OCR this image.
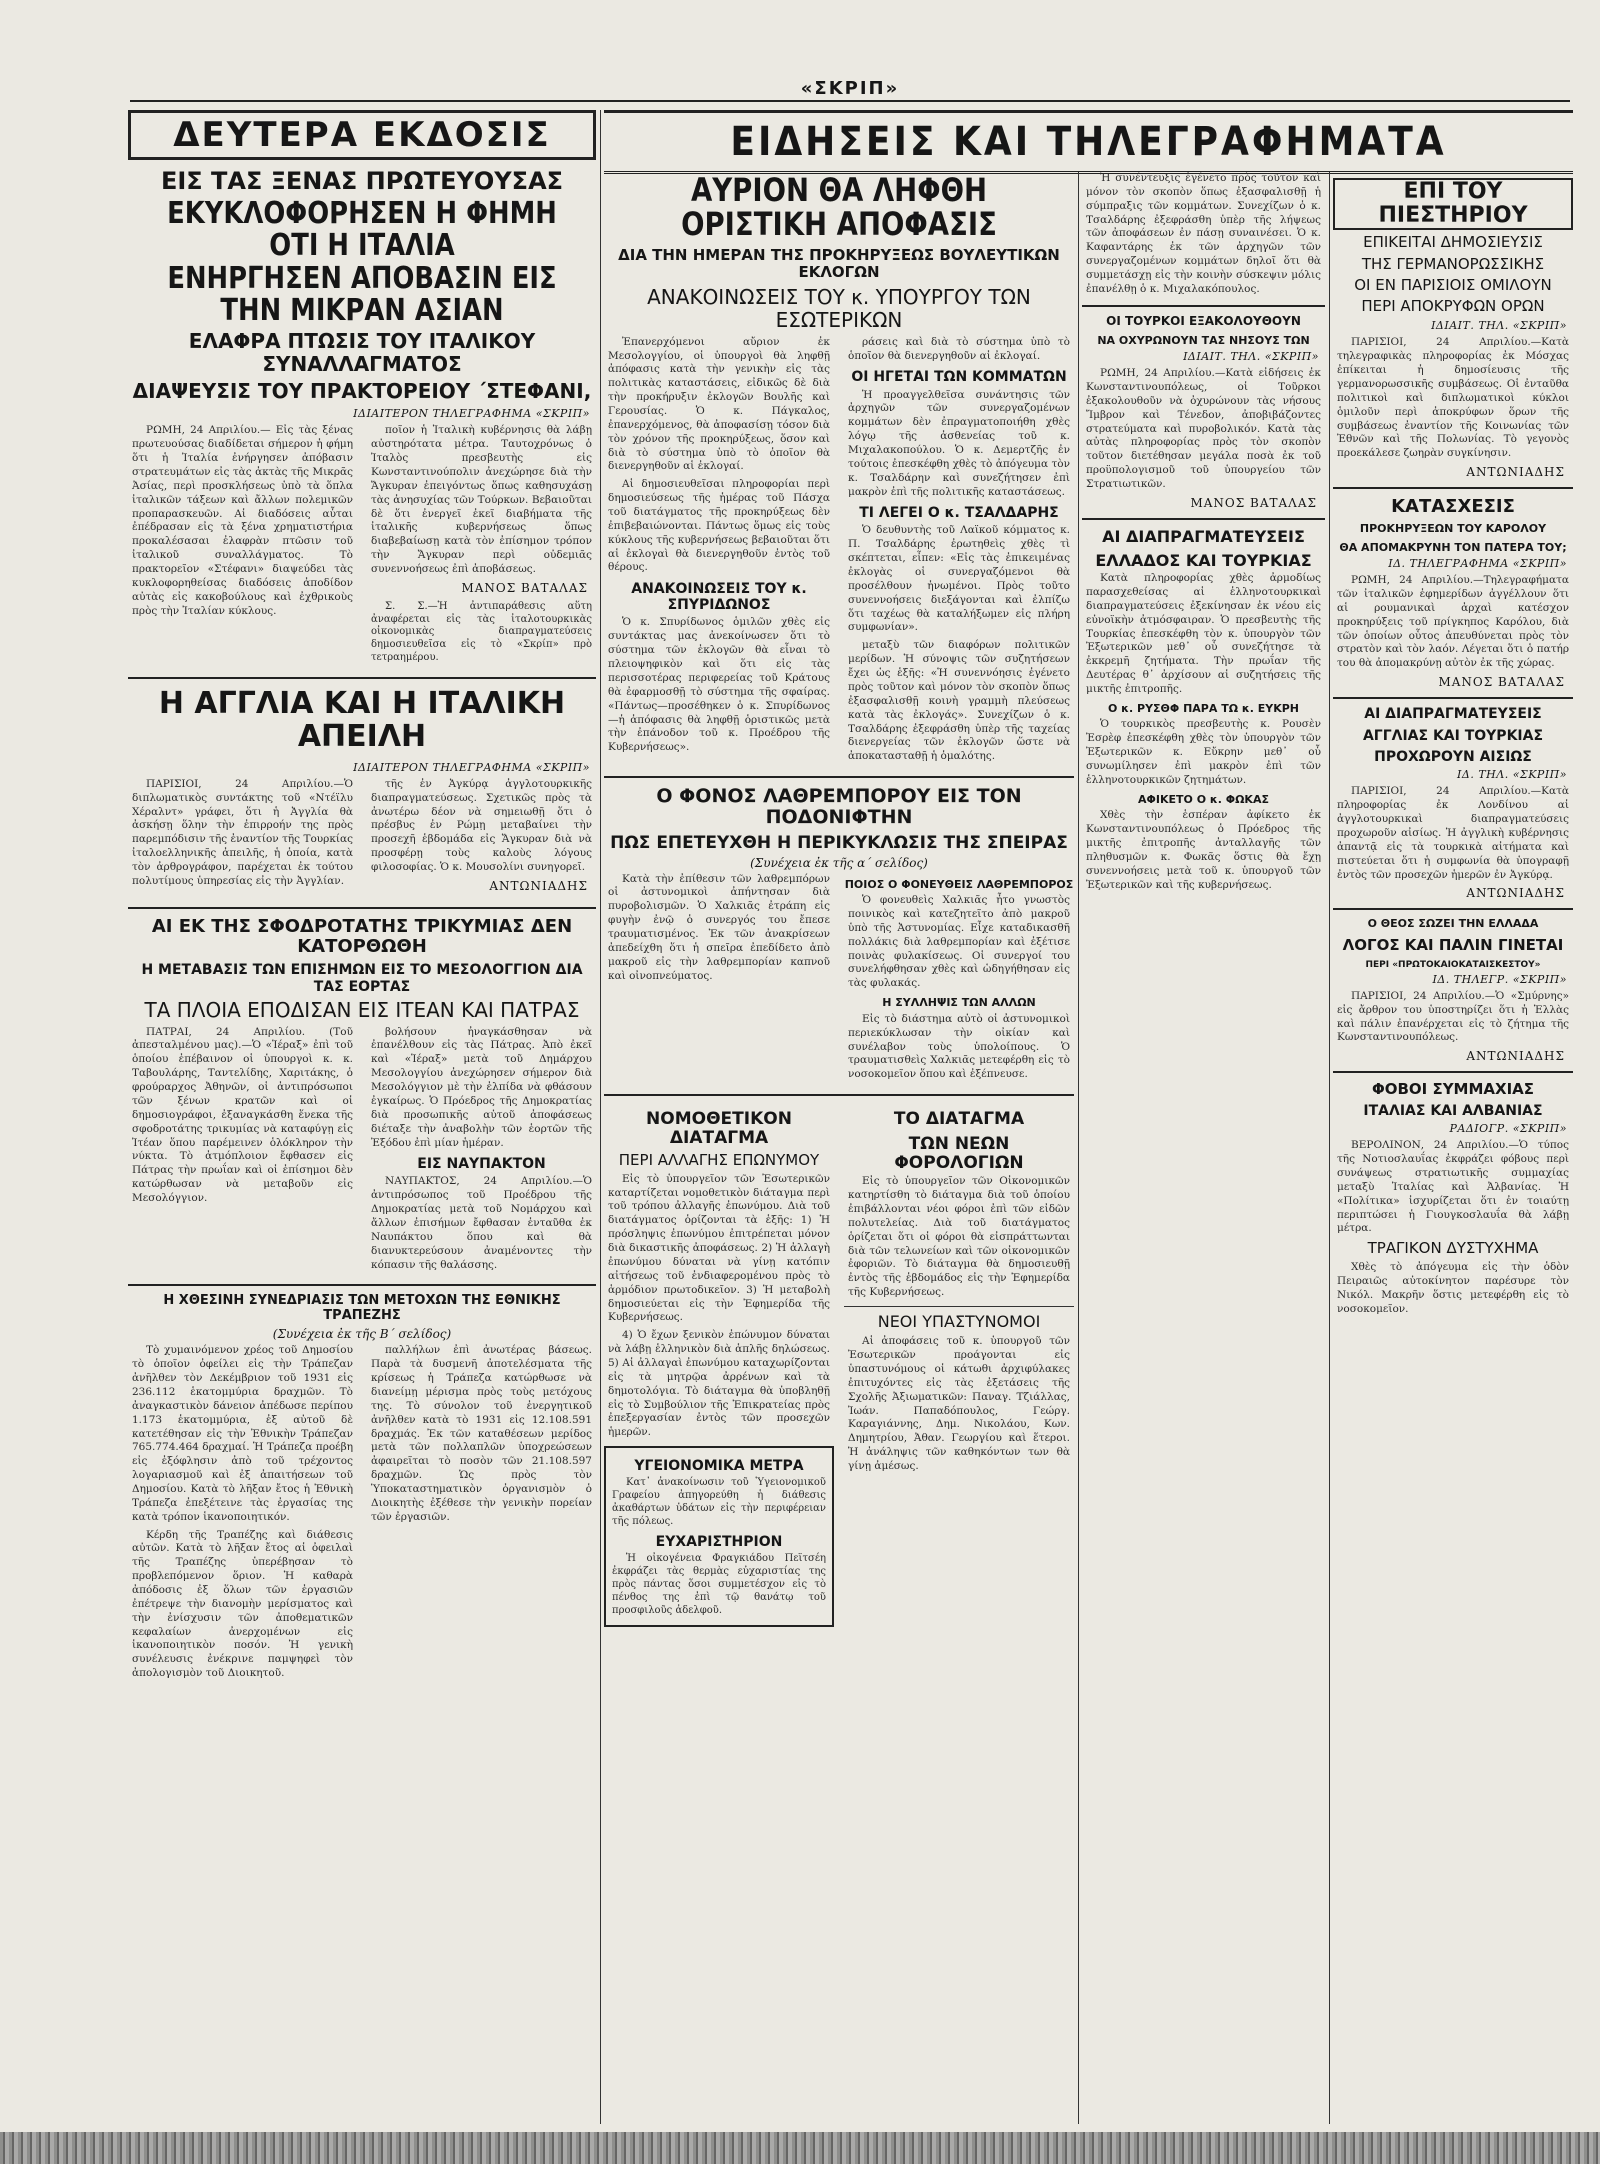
«ΣΚΡΙΠ»
ΕΙΔΗΣΕΙΣ ΚΑΙ ΤΗΛΕΓΡΑΦΗΜΑΤΑ
ΔΕΥΤΕΡΑ ΕΚΔΟΣΙΣ
ΕΙΣ ΤΑΣ ΞΕΝΑΣ ΠΡΩΤΕΥΟΥΣΑΣ
ΕΚΥΚΛΟΦΟΡΗΣΕΝ Η ΦΗΜΗ ΟΤΙ Η ΙΤΑΛΙΑ
ΕΝΗΡΓΗΣΕΝ ΑΠΟΒΑΣΙΝ ΕΙΣ ΤΗΝ ΜΙΚΡΑΝ ΑΣΙΑΝ
ΕΛΑΦΡΑ ΠΤΩΣΙΣ ΤΟΥ ΙΤΑΛΙΚΟΥ ΣΥΝΑΛΛΑΓΜΑΤΟΣ
ΔΙΑΨΕΥΣΙΣ ΤΟΥ ΠΡΑΚΤΟΡΕΙΟΥ ΄ΣΤΕΦΑΝΙ,
ΙΔΙΑΙΤΕΡΟΝ ΤΗΛΕΓΡΑΦΗΜΑ «ΣΚΡΙΠ»

ΡΩΜΗ, 24 Απριλίου.— Εἰς τὰς ξένας πρωτευούσας διαδίδεται σήμερον ἡ φήμη ὅτι ἡ Ἰταλία ἐνήργησεν ἀπόβασιν στρατευμάτων εἰς τὰς ἀκτὰς τῆς Μικρᾶς Ἀσίας, περὶ προσκλήσεως ὑπὸ τὰ ὅπλα ἰταλικῶν τάξεων καὶ ἄλλων πολεμικῶν προπαρασκευῶν. Αἱ διαδόσεις αὗται ἐπέδρασαν εἰς τὰ ξένα χρηματιστήρια προκαλέσασαι ἐλαφρὰν πτῶσιν τοῦ ἰταλικοῦ συναλλάγματος. Τὸ πρακτορεῖον «Στέφανι» διαψεύδει τὰς κυκλοφορηθείσας διαδόσεις ἀποδίδον αὐτὰς εἰς κακοβούλους καὶ ἐχθρικοὺς πρὸς τὴν Ἰταλίαν κύκλους.

ποῖον ἡ Ἰταλικὴ κυβέρνησις θὰ λάβῃ αὐστηρότατα μέτρα. Ταυτοχρόνως ὁ Ἰταλὸς πρεσβευτὴς εἰς Κωνσταντινούπολιν ἀνεχώρησε διὰ τὴν Ἄγκυραν ἐπειγόντως ὅπως καθησυχάσῃ τὰς ἀνησυχίας τῶν Τούρκων. Βεβαιοῦται δὲ ὅτι ἐνεργεῖ ἐκεῖ διαβήματα τῆς ἰταλικῆς κυβερνήσεως ὅπως διαβεβαίωσῃ κατὰ τὸν ἐπίσημον τρόπον τὴν Ἄγκυραν περὶ οὐδεμιᾶς συνεννοήσεως ἐπὶ ἀποβάσεως.

ΜΑΝΟΣ ΒΑΤΑΛΑΣ

Σ. Σ.—Ἡ ἀντιπαράθεσις αὕτη ἀναφέρεται εἰς τὰς ἰταλοτουρκικὰς οἰκονομικὰς διαπραγματεύσεις δημοσιευθεῖσα εἰς τὸ «Σκρίπ» πρὸ τετραημέρου.

Η ΑΓΓΛΙΑ ΚΑΙ Η ΙΤΑΛΙΚΗ ΑΠΕΙΛΗ
ΙΔΙΑΙΤΕΡΟΝ ΤΗΛΕΓΡΑΦΗΜΑ «ΣΚΡΙΠ»

ΠΑΡΙΣΙΟΙ, 24 Απριλίου.—Ὁ διπλωματικὸς συντάκτης τοῦ «Ντέϊλυ Χέραλντ» γράφει, ὅτι ἡ Ἀγγλία θὰ ἀσκήσῃ ὅλην τὴν ἐπιρροήν της πρὸς παρεμπόδισιν τῆς ἐναντίον τῆς Τουρκίας ἰταλοελληνικῆς ἀπειλῆς, ἡ ὁποία, κατὰ τὸν ἀρθρογράφον, παρέχεται ἐκ τούτου πολυτίμους ὑπηρεσίας εἰς τὴν Ἀγγλίαν.

τῆς ἐν Ἀγκύρᾳ ἀγγλοτουρκικῆς διαπραγματεύσεως. Σχετικῶς πρὸς τὰ ἀνωτέρω δέον νὰ σημειωθῇ ὅτι ὁ πρέσβυς ἐν Ρώμῃ μεταβαίνει τὴν προσεχῆ ἑβδομάδα εἰς Ἄγκυραν διὰ νὰ προσφέρῃ τοὺς καλοὺς λόγους φιλοσοφίας. Ὁ κ. Μουσολίνι συνηγορεῖ.

ΑΝΤΩΝΙΑΔΗΣ
ΑΙ ΕΚ ΤΗΣ ΣΦΟΔΡΟΤΑΤΗΣ ΤΡΙΚΥΜΙΑΣ ΔΕΝ ΚΑΤΟΡΘΩΘΗ
Η ΜΕΤΑΒΑΣΙΣ ΤΩΝ ΕΠΙΣΗΜΩΝ ΕΙΣ ΤΟ ΜΕΣΟΛΟΓΓΙΟΝ ΔΙΑ ΤΑΣ ΕΟΡΤΑΣ
ΤΑ ΠΛΟΙΑ ΕΠΟΔΙΣΑΝ ΕΙΣ ΙΤΕΑΝ ΚΑΙ ΠΑΤΡΑΣ

ΠΑΤΡΑΙ, 24 Απριλίου. (Τοῦ ἀπεσταλμένου μας).—Ὁ «Ἱέραξ» ἐπὶ τοῦ ὁποίου ἐπέβαινον οἱ ὑπουργοὶ κ. κ. Ταβουλάρης, Ταντελίδης, Χαριτάκης, ὁ φρούραρχος Ἀθηνῶν, οἱ ἀντιπρόσωποι τῶν ξένων κρατῶν καὶ οἱ δημοσιογράφοι, ἐξαναγκάσθη ἕνεκα τῆς σφοδροτάτης τρικυμίας νὰ καταφύγῃ εἰς Ἰτέαν ὅπου παρέμεινεν ὁλόκληρον τὴν νύκτα. Τὸ ἀτμόπλοιον ἔφθασεν εἰς Πάτρας τὴν πρωΐαν καὶ οἱ ἐπίσημοι δὲν κατώρθωσαν νὰ μεταβοῦν εἰς Μεσολόγγιον.

βολήσουν ἠναγκάσθησαν νὰ ἐπανέλθουν εἰς τὰς Πάτρας. Ἀπὸ ἐκεῖ καὶ «Ἱέραξ» μετὰ τοῦ Δημάρχου Μεσολογγίου ἀνεχώρησεν σήμερον διὰ Μεσολόγγιον μὲ τὴν ἐλπίδα νὰ φθάσουν ἐγκαίρως. Ὁ Πρόεδρος τῆς Δημοκρατίας διὰ προσωπικῆς αὐτοῦ ἀποφάσεως διέταξε τὴν ἀναβολὴν τῶν ἑορτῶν τῆς Ἐξόδου ἐπὶ μίαν ἡμέραν.

ΕΙΣ ΝΑΥΠΑΚΤΟΝ

ΝΑΥΠΑΚΤΟΣ, 24 Απριλίου.—Ὁ ἀντιπρόσωπος τοῦ Προέδρου τῆς Δημοκρατίας μετὰ τοῦ Νομάρχου καὶ ἄλλων ἐπισήμων ἔφθασαν ἐνταῦθα ἐκ Ναυπάκτου ὅπου καὶ θὰ διανυκτερεύσουν ἀναμένοντες τὴν κόπασιν τῆς θαλάσσης.

Η ΧΘΕΣΙΝΗ ΣΥΝΕΔΡΙΑΣΙΣ ΤΩΝ ΜΕΤΟΧΩΝ ΤΗΣ ΕΘΝΙΚΗΣ ΤΡΑΠΕΖΗΣ
(Συνέχεια ἐκ τῆς Β΄ σελίδος)

Τὸ χυμαινόμενον χρέος τοῦ Δημοσίου τὸ ὁποῖον ὀφείλει εἰς τὴν Τράπεζαν ἀνῆλθεν τὸν Δεκέμβριον τοῦ 1931 εἰς 236.112 ἑκατομμύρια δραχμῶν. Τὸ ἀναγκαστικὸν δάνειον ἀπέδωσε περίπου 1.173 ἑκατομμύρια, ἐξ αὐτοῦ δὲ κατετέθησαν εἰς τὴν Ἐθνικὴν Τράπεζαν 765.774.464 δραχμαί. Ἡ Τράπεζα προέβη εἰς ἐξόφλησιν ἀπὸ τοῦ τρέχοντος λογαριασμοῦ καὶ ἐξ ἀπαιτήσεων τοῦ Δημοσίου. Κατὰ τὸ λῆξαν ἔτος ἡ Ἐθνικὴ Τράπεζα ἐπεξέτεινε τὰς ἐργασίας της κατὰ τρόπον ἱκανοποιητικόν.

Κέρδη τῆς Τραπέζης καὶ διάθεσις αὐτῶν. Κατὰ τὸ λῆξαν ἔτος αἱ ὀφειλαὶ τῆς Τραπέζης ὑπερέβησαν τὸ προβλεπόμενον ὅριον. Ἡ καθαρὰ ἀπόδοσις ἐξ ὅλων τῶν ἐργασιῶν ἐπέτρεψε τὴν διανομὴν μερίσματος καὶ τὴν ἐνίσχυσιν τῶν ἀποθεματικῶν κεφαλαίων ἀνερχομένων εἰς ἱκανοποιητικὸν ποσόν. Ἡ γενικὴ συνέλευσις ἐνέκρινε παμψηφεὶ τὸν ἀπολογισμὸν τοῦ Διοικητοῦ.

παλλήλων ἐπὶ ἀνωτέρας βάσεως. Παρὰ τὰ δυσμενῆ ἀποτελέσματα τῆς κρίσεως ἡ Τράπεζα κατώρθωσε νὰ διανείμῃ μέρισμα πρὸς τοὺς μετόχους της. Τὸ σύνολον τοῦ ἐνεργητικοῦ ἀνῆλθεν κατὰ τὸ 1931 εἰς 12.108.591 δραχμάς. Ἐκ τῶν καταθέσεων μερίδος μετὰ τῶν πολλαπλῶν ὑποχρεώσεων ἀφαιρεῖται τὸ ποσὸν τῶν 21.108.597 δραχμῶν. Ὡς πρὸς τὸν Ὑποκαταστηματικὸν ὀργανισμὸν ὁ Διοικητὴς ἐξέθεσε τὴν γενικὴν πορείαν τῶν ἐργασιῶν.

ΑΥΡΙΟΝ ΘΑ ΛΗΦΘΗ ΟΡΙΣΤΙΚΗ ΑΠΟΦΑΣΙΣ
ΔΙΑ ΤΗΝ ΗΜΕΡΑΝ ΤΗΣ ΠΡΟΚΗΡΥΞΕΩΣ ΒΟΥΛΕΥΤΙΚΩΝ ΕΚΛΟΓΩΝ
ΑΝΑΚΟΙΝΩΣΕΙΣ ΤΟΥ κ. ΥΠΟΥΡΓΟΥ ΤΩΝ ΕΣΩΤΕΡΙΚΩΝ

Ἐπανερχόμενοι αὔριον ἐκ Μεσολογγίου, οἱ ὑπουργοὶ θὰ ληφθῇ ἀπόφασις κατὰ τὴν γενικὴν εἰς τὰς πολιτικὰς καταστάσεις, εἰδικῶς δὲ διὰ τὴν προκήρυξιν ἐκλογῶν Βουλῆς καὶ Γερουσίας. Ὁ κ. Πάγκαλος, ἐπανερχόμενος, θὰ ἀποφασίσῃ τόσον διὰ τὸν χρόνον τῆς προκηρύξεως, ὅσον καὶ διὰ τὸ σύστημα ὑπὸ τὸ ὁποῖον θὰ διενεργηθοῦν αἱ ἐκλογαί.

Αἱ δημοσιευθεῖσαι πληροφορίαι περὶ δημοσιεύσεως τῆς ἡμέρας τοῦ Πάσχα τοῦ διατάγματος τῆς προκηρύξεως δὲν ἐπιβεβαιώνονται. Πάντως ὅμως εἰς τοὺς κύκλους τῆς κυβερνήσεως βεβαιοῦται ὅτι αἱ ἐκλογαὶ θὰ διενεργηθοῦν ἐντὸς τοῦ θέρους.

ΑΝΑΚΟΙΝΩΣΕΙΣ ΤΟΥ κ. ΣΠΥΡΙΔΩΝΟΣ

Ὁ κ. Σπυρίδωνος ὁμιλῶν χθὲς εἰς συντάκτας μας ἀνεκοίνωσεν ὅτι τὸ σύστημα τῶν ἐκλογῶν θὰ εἶναι τὸ πλειοψηφικὸν καὶ ὅτι εἰς τὰς περισσοτέρας περιφερείας τοῦ Κράτους θὰ ἐφαρμοσθῇ τὸ σύστημα τῆς σφαίρας. «Πάντως—προσέθηκεν ὁ κ. Σπυρίδωνος—ἡ ἀπόφασις θὰ ληφθῇ ὁριστικῶς μετὰ τὴν ἐπάνοδον τοῦ κ. Προέδρου τῆς Κυβερνήσεως».

ράσεις καὶ διὰ τὸ σύστημα ὑπὸ τὸ ὁποῖον θὰ διενεργηθοῦν αἱ ἐκλογαί.

ΟΙ ΗΓΕΤΑΙ ΤΩΝ ΚΟΜΜΑΤΩΝ

Ἡ προαγγελθεῖσα συνάντησις τῶν ἀρχηγῶν τῶν συνεργαζομένων κομμάτων δὲν ἐπραγματοποιήθη χθὲς λόγῳ τῆς ἀσθενείας τοῦ κ. Μιχαλακοπούλου. Ὁ κ. Δεμερτζῆς ἐν τούτοις ἐπεσκέφθη χθὲς τὸ ἀπόγευμα τὸν κ. Τσαλδάρην καὶ συνεζήτησεν ἐπὶ μακρὸν ἐπὶ τῆς πολιτικῆς καταστάσεως.

ΤΙ ΛΕΓΕΙ Ο κ. ΤΣΑΛΔΑΡΗΣ

Ὁ δευθυντὴς τοῦ Λαϊκοῦ κόμματος κ. Π. Τσαλδάρης ἐρωτηθεὶς χθὲς τὶ σκέπτεται, εἶπεν: «Εἰς τὰς ἐπικειμένας ἐκλογὰς οἱ συνεργαζόμενοι θὰ προσέλθουν ἡνωμένοι. Πρὸς τοῦτο συνεννοήσεις διεξάγονται καὶ ἐλπίζω ὅτι ταχέως θὰ καταλήξωμεν εἰς πλήρη συμφωνίαν».

μεταξὺ τῶν διαφόρων πολιτικῶν μερίδων. Ἡ σύνοψις τῶν συζητήσεων ἔχει ὡς ἑξῆς: «Ἡ συνεννόησις ἐγένετο πρὸς τοῦτον καὶ μόνον τὸν σκοπὸν ὅπως ἐξασφαλισθῇ κοινὴ γραμμὴ πλεύσεως κατὰ τὰς ἐκλογάς». Συνεχίζων ὁ κ. Τσαλδάρης ἐξεφράσθη ὑπὲρ τῆς ταχείας διενεργείας τῶν ἐκλογῶν ὥστε νὰ ἀποκατασταθῇ ἡ ὁμαλότης.

Ο ΦΟΝΟΣ ΛΑΘΡΕΜΠΟΡΟΥ ΕΙΣ ΤΟΝ ΠΟΔΟΝΙΦΤΗΝ
ΠΩΣ ΕΠΕΤΕΥΧΘΗ Η ΠΕΡΙΚΥΚΛΩΣΙΣ ΤΗΣ ΣΠΕΙΡΑΣ
(Συνέχεια ἐκ τῆς α΄ σελίδος)

Κατὰ τὴν ἐπίθεσιν τῶν λαθρεμπόρων οἱ ἀστυνομικοὶ ἀπήντησαν διὰ πυροβολισμῶν. Ὁ Χαλκιᾶς ἐτράπη εἰς φυγὴν ἐνῷ ὁ συνεργός του ἔπεσε τραυματισμένος. Ἐκ τῶν ἀνακρίσεων ἀπεδείχθη ὅτι ἡ σπεῖρα ἐπεδίδετο ἀπὸ μακροῦ εἰς τὴν λαθρεμπορίαν καπνοῦ καὶ οἰνοπνεύματος.

ΠΟΙΟΣ Ο ΦΟΝΕΥΘΕΙΣ ΛΑΘΡΕΜΠΟΡΟΣ

Ὁ φονευθεὶς Χαλκιᾶς ἦτο γνωστὸς ποινικὸς καὶ κατεζητεῖτο ἀπὸ μακροῦ ὑπὸ τῆς Ἀστυνομίας. Εἶχε καταδικασθῆ πολλάκις διὰ λαθρεμπορίαν καὶ ἐξέτισε ποινὰς φυλακίσεως. Οἱ συνεργοί του συνελήφθησαν χθὲς καὶ ὡδηγήθησαν εἰς τὰς φυλακάς.

Η ΣΥΛΛΗΨΙΣ ΤΩΝ ΑΛΛΩΝ

Εἰς τὸ διάστημα αὐτὸ οἱ ἀστυνομικοὶ περιεκύκλωσαν τὴν οἰκίαν καὶ συνέλαβον τοὺς ὑπολοίπους. Ὁ τραυματισθεὶς Χαλκιᾶς μετεφέρθη εἰς τὸ νοσοκομεῖον ὅπου καὶ ἐξέπνευσε.

ΝΟΜΟΘΕΤΙΚΟΝ ΔΙΑΤΑΓΜΑ
ΠΕΡΙ ΑΛΛΑΓΗΣ ΕΠΩΝΥΜΟΥ

Εἰς τὸ ὑπουργεῖον τῶν Ἐσωτερικῶν καταρτίζεται νομοθετικὸν διάταγμα περὶ τοῦ τρόπου ἀλλαγῆς ἐπωνύμου. Διὰ τοῦ διατάγματος ὁρίζονται τὰ ἑξῆς: 1) Ἡ πρόσληψις ἐπωνύμου ἐπιτρέπεται μόνον διὰ δικαστικῆς ἀποφάσεως. 2) Ἡ ἀλλαγὴ ἐπωνύμου δύναται νὰ γίνῃ κατόπιν αἰτήσεως τοῦ ἐνδιαφερομένου πρὸς τὸ ἁρμόδιον πρωτοδικεῖον. 3) Ἡ μεταβολὴ δημοσιεύεται εἰς τὴν Ἐφημερίδα τῆς Κυβερνήσεως.

4) Ὁ ἔχων ξενικὸν ἐπώνυμον δύναται νὰ λάβῃ ἑλληνικὸν διὰ ἁπλῆς δηλώσεως. 5) Αἱ ἀλλαγαὶ ἐπωνύμου καταχωρίζονται εἰς τὰ μητρῷα ἀρρένων καὶ τὰ δημοτολόγια. Τὸ διάταγμα θὰ ὑποβληθῇ εἰς τὸ Συμβούλιον τῆς Ἐπικρατείας πρὸς ἐπεξεργασίαν ἐντὸς τῶν προσεχῶν ἡμερῶν.

ΥΓΕΙΟΝΟΜΙΚΑ ΜΕΤΡΑ

Κατ᾽ ἀνακοίνωσιν τοῦ Ὑγειονομικοῦ Γραφείου ἀπηγορεύθη ἡ διάθεσις ἀκαθάρτων ὑδάτων εἰς τὴν περιφέρειαν τῆς πόλεως.

ΕΥΧΑΡΙΣΤΗΡΙΟΝ

Ἡ οἰκογένεια Φραγκιάδου Πεϊτσέη ἐκφράζει τὰς θερμὰς εὐχαριστίας της πρὸς πάντας ὅσοι συμμετέσχον εἰς τὸ πένθος της ἐπὶ τῷ θανάτῳ τοῦ προσφιλοῦς ἀδελφοῦ.

ΤΟ ΔΙΑΤΑΓΜΑ
ΤΩΝ ΝΕΩΝ ΦΟΡΟΛΟΓΙΩΝ

Εἰς τὸ ὑπουργεῖον τῶν Οἰκονομικῶν κατηρτίσθη τὸ διάταγμα διὰ τοῦ ὁποίου ἐπιβάλλονται νέοι φόροι ἐπὶ τῶν εἰδῶν πολυτελείας. Διὰ τοῦ διατάγματος ὁρίζεται ὅτι οἱ φόροι θὰ εἰσπράττωνται διὰ τῶν τελωνείων καὶ τῶν οἰκονομικῶν ἐφοριῶν. Τὸ διάταγμα θὰ δημοσιευθῇ ἐντὸς τῆς ἑβδομάδος εἰς τὴν Ἐφημερίδα τῆς Κυβερνήσεως.

ΝΕΟΙ ΥΠΑΣΤΥΝΟΜΟΙ

Αἱ ἀποφάσεις τοῦ κ. ὑπουργοῦ τῶν Ἐσωτερικῶν προάγονται εἰς ὑπαστυνόμους οἱ κάτωθι ἀρχιφύλακες ἐπιτυχόντες εἰς τὰς ἐξετάσεις τῆς Σχολῆς Ἀξιωματικῶν: Παναγ. Τζιάλλας, Ἰωάν. Παπαδόπουλος, Γεώργ. Καραγιάννης, Δημ. Νικολάου, Κων. Δημητρίου, Ἀθαν. Γεωργίου καὶ ἕτεροι. Ἡ ἀνάληψις τῶν καθηκόντων των θὰ γίνῃ ἀμέσως.

Ἡ συνέντευξις ἐγένετο πρὸς τοῦτον καὶ μόνον τὸν σκοπὸν ὅπως ἐξασφαλισθῇ ἡ σύμπραξις τῶν κομμάτων. Συνεχίζων ὁ κ. Τσαλδάρης ἐξεφράσθη ὑπὲρ τῆς λήψεως τῶν ἀποφάσεων ἐν πάσῃ συναινέσει. Ὁ κ. Καφαντάρης ἐκ τῶν ἀρχηγῶν τῶν συνεργαζομένων κομμάτων δηλοῖ ὅτι θὰ συμμετάσχῃ εἰς τὴν κοινὴν σύσκεψιν μόλις ἐπανέλθῃ ὁ κ. Μιχαλακόπουλος.

ΟΙ ΤΟΥΡΚΟΙ ΕΞΑΚΟΛΟΥΘΟΥΝ
ΝΑ ΟΧΥΡΩΝΟΥΝ ΤΑΣ ΝΗΣΟΥΣ ΤΩΝ
ΙΔΙΑΙΤ. ΤΗΛ. «ΣΚΡΙΠ»

ΡΩΜΗ, 24 Απριλίου.—Κατὰ εἰδήσεις ἐκ Κωνσταντινουπόλεως, οἱ Τοῦρκοι ἐξακολουθοῦν νὰ ὀχυρώνουν τὰς νήσους Ἴμβρον καὶ Τένεδον, ἀποβιβάζοντες στρατεύματα καὶ πυροβολικόν. Κατὰ τὰς αὐτὰς πληροφορίας πρὸς τὸν σκοπὸν τοῦτον διετέθησαν μεγάλα ποσὰ ἐκ τοῦ προϋπολογισμοῦ τοῦ ὑπουργείου τῶν Στρατιωτικῶν.

ΜΑΝΟΣ ΒΑΤΑΛΑΣ
ΑΙ ΔΙΑΠΡΑΓΜΑΤΕΥΣΕΙΣ
ΕΛΛΑΔΟΣ ΚΑΙ ΤΟΥΡΚΙΑΣ

Κατὰ πληροφορίας χθὲς ἀρμοδίως παρασχεθείσας αἱ ἑλληνοτουρκικαὶ διαπραγματεύσεις ἐξεκίνησαν ἐκ νέου εἰς εὐνοϊκὴν ἀτμόσφαιραν. Ὁ πρεσβευτὴς τῆς Τουρκίας ἐπεσκέφθη τὸν κ. ὑπουργὸν τῶν Ἐξωτερικῶν μεθ᾽ οὗ συνεζήτησε τὰ ἐκκρεμῆ ζητήματα. Τὴν πρωΐαν τῆς Δευτέρας θ᾽ ἀρχίσουν αἱ συζητήσεις τῆς μικτῆς ἐπιτροπῆς.

Ο κ. ΡΥΣΘΦ ΠΑΡΑ ΤΩ κ. ΕΥΚΡΗ

Ὁ τουρκικὸς πρεσβευτὴς κ. Ρουσὲν Ἐσρὲφ ἐπεσκέφθη χθὲς τὸν ὑπουργὸν τῶν Ἐξωτερικῶν κ. Εὔκρην μεθ᾽ οὗ συνωμίλησεν ἐπὶ μακρὸν ἐπὶ τῶν ἑλληνοτουρκικῶν ζητημάτων.

ΑΦΙΚΕΤΟ Ο κ. ΦΩΚΑΣ

Χθὲς τὴν ἑσπέραν ἀφίκετο ἐκ Κωνσταντινουπόλεως ὁ Πρόεδρος τῆς μικτῆς ἐπιτροπῆς ἀνταλλαγῆς τῶν πληθυσμῶν κ. Φωκᾶς ὅστις θὰ ἔχῃ συνεννοήσεις μετὰ τοῦ κ. ὑπουργοῦ τῶν Ἐξωτερικῶν καὶ τῆς κυβερνήσεως.

ΕΠΙ ΤΟΥ ΠΙΕΣΤΗΡΙΟΥ
ΕΠΙΚΕΙΤΑΙ ΔΗΜΟΣΙΕΥΣΙΣ
ΤΗΣ ΓΕΡΜΑΝΟΡΩΣΣΙΚΗΣ
ΟΙ ΕΝ ΠΑΡΙΣΙΟΙΣ ΟΜΙΛΟΥΝ
ΠΕΡΙ ΑΠΟΚΡΥΦΩΝ ΟΡΩΝ
ΙΔΙΑΙΤ. ΤΗΛ. «ΣΚΡΙΠ»

ΠΑΡΙΣΙΟΙ, 24 Απριλίου.—Κατὰ τηλεγραφικὰς πληροφορίας ἐκ Μόσχας ἐπίκειται ἡ δημοσίευσις τῆς γερμανορωσσικῆς συμβάσεως. Οἱ ἐνταῦθα πολιτικοὶ καὶ διπλωματικοὶ κύκλοι ὁμιλοῦν περὶ ἀποκρύφων ὅρων τῆς συμβάσεως ἐναντίον τῆς Κοινωνίας τῶν Ἐθνῶν καὶ τῆς Πολωνίας. Τὸ γεγονὸς προεκάλεσε ζωηρὰν συγκίνησιν.

ΑΝΤΩΝΙΑΔΗΣ
ΚΑΤΑΣΧΕΣΙΣ
ΠΡΟΚΗΡΥΞΕΩΝ ΤΟΥ ΚΑΡΟΛΟΥ
ΘΑ ΑΠΟΜΑΚΡΥΝΗ ΤΟΝ ΠΑΤΕΡΑ ΤΟΥ;
ΙΔ. ΤΗΛΕΓΡΑΦΗΜΑ «ΣΚΡΙΠ»

ΡΩΜΗ, 24 Απριλίου.—Τηλεγραφήματα τῶν ἰταλικῶν ἐφημερίδων ἀγγέλλουν ὅτι αἱ ρουμανικαὶ ἀρχαὶ κατέσχον προκηρύξεις τοῦ πρίγκηπος Καρόλου, διὰ τῶν ὁποίων οὗτος ἀπευθύνεται πρὸς τὸν στρατὸν καὶ τὸν λαόν. Λέγεται ὅτι ὁ πατήρ του θὰ ἀπομακρύνῃ αὐτὸν ἐκ τῆς χώρας.

ΜΑΝΟΣ ΒΑΤΑΛΑΣ
ΑΙ ΔΙΑΠΡΑΓΜΑΤΕΥΣΕΙΣ
ΑΓΓΛΙΑΣ ΚΑΙ ΤΟΥΡΚΙΑΣ
ΠΡΟΧΩΡΟΥΝ ΑΙΣΙΩΣ
ΙΔ. ΤΗΛ. «ΣΚΡΙΠ»

ΠΑΡΙΣΙΟΙ, 24 Απριλίου.—Κατὰ πληροφορίας ἐκ Λονδίνου αἱ ἀγγλοτουρκικαὶ διαπραγματεύσεις προχωροῦν αἰσίως. Ἡ ἀγγλικὴ κυβέρνησις ἀπαντᾷ εἰς τὰ τουρκικὰ αἰτήματα καὶ πιστεύεται ὅτι ἡ συμφωνία θὰ ὑπογραφῇ ἐντὸς τῶν προσεχῶν ἡμερῶν ἐν Ἀγκύρᾳ.

ΑΝΤΩΝΙΑΔΗΣ
Ο ΘΕΟΣ ΣΩΖΕΙ ΤΗΝ ΕΛΛΑΔΑ
ΛΟΓΟΣ ΚΑΙ ΠΑΛΙΝ ΓΙΝΕΤΑΙ
ΠΕΡΙ «ΠΡΩΤΟΚΑΙΟΚΑΤΑΙΣΚΕΣΤΟΥ»
ΙΔ. ΤΗΛΕΓΡ. «ΣΚΡΙΠ»

ΠΑΡΙΣΙΟΙ, 24 Απριλίου.—Ὁ «Σμύρνης» εἰς ἄρθρον του ὑποστηρίζει ὅτι ἡ Ἑλλὰς καὶ πάλιν ἐπανέρχεται εἰς τὸ ζήτημα τῆς Κωνσταντινουπόλεως.

ΑΝΤΩΝΙΑΔΗΣ
ΦΟΒΟΙ ΣΥΜΜΑΧΙΑΣ
ΙΤΑΛΙΑΣ ΚΑΙ ΑΛΒΑΝΙΑΣ
ΡΑΔΙΟΓΡ. «ΣΚΡΙΠ»

ΒΕΡΟΛΙΝΟΝ, 24 Απριλίου.—Ὁ τύπος τῆς Νοτιοσλαυΐας ἐκφράζει φόβους περὶ συνάψεως στρατιωτικῆς συμμαχίας μεταξὺ Ἰταλίας καὶ Ἀλβανίας. Ἡ «Πολίτικα» ἰσχυρίζεται ὅτι ἐν τοιαύτῃ περιπτώσει ἡ Γιουγκοσλαυΐα θὰ λάβῃ μέτρα.

ΤΡΑΓΙΚΟΝ ΔΥΣΤΥΧΗΜΑ

Χθὲς τὸ ἀπόγευμα εἰς τὴν ὁδὸν Πειραιῶς αὐτοκίνητον παρέσυρε τὸν Νικόλ. Μακρῆν ὅστις μετεφέρθη εἰς τὸ νοσοκομεῖον.
